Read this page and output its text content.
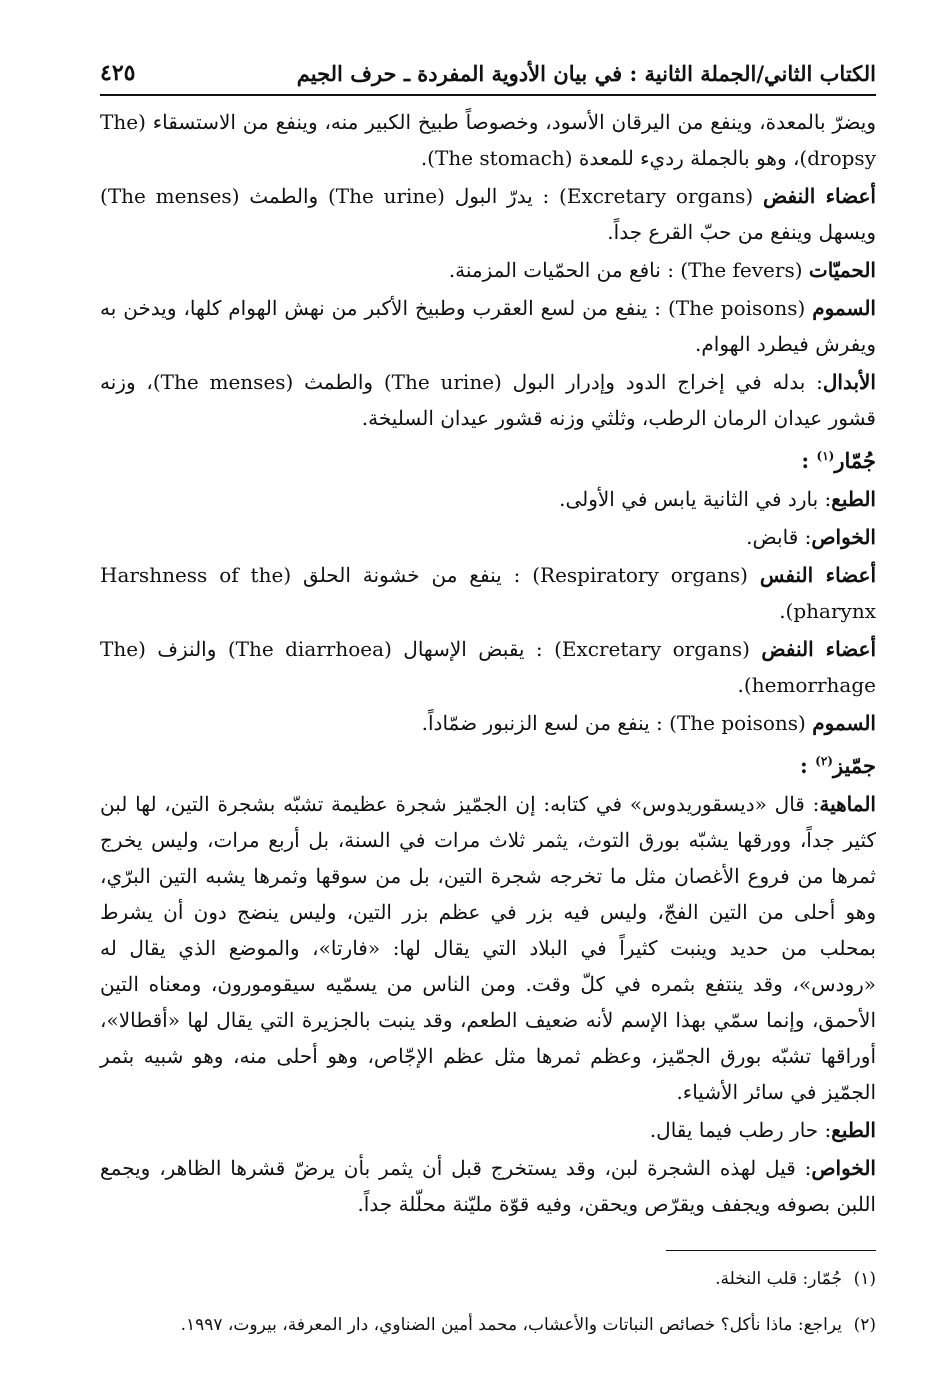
الكتاب الثاني/الجملة الثانية : في بيان الأدوية المفردة ـ حرف الجيم
٤٢٥

ويضرّ بالمعدة، وينفع من اليرقان الأسود، وخصوصاً طبيخ الكبير منه، وينفع من الاستسقاء (The dropsy)، وهو بالجملة رديء للمعدة (The stomach).

أعضاء النفض (Excretary organs) : يدرّ البول (The urine) والطمث (The menses) ويسهل وينفع من حبّ القرع جداً.

الحميّات (The fevers) : نافع من الحمّيات المزمنة.

السموم (The poisons) : ينفع من لسع العقرب وطبيخ الأكبر من نهش الهوام كلها، ويدخن به ويفرش فيطرد الهوام.

الأبدال: بدله في إخراج الدود وإدرار البول (The urine) والطمث (The menses)، وزنه قشور عيدان الرمان الرطب، وثلثي وزنه قشور عيدان السليخة.

جُمّار$^{(١)}$ :

الطبع: بارد في الثانية يابس في الأولى.

الخواص: قابض.

أعضاء النفس (Respiratory organs) : ينفع من خشونة الحلق (Harshness of the pharynx).

أعضاء النفض (Excretary organs) : يقبض الإسهال (The diarrhoea) والنزف (The hemorrhage).

السموم (The poisons) : ينفع من لسع الزنبور ضمّاداً.

جمّيز$^{(٢)}$ :

الماهية: قال «ديسقوريدوس» في كتابه: إن الجمّيز شجرة عظيمة تشبّه بشجرة التين، لها لبن كثير جداً، وورقها يشبّه بورق التوث، يثمر ثلاث مرات في السنة، بل أربع مرات، وليس يخرج ثمرها من فروع الأغصان مثل ما تخرجه شجرة التين، بل من سوقها وثمرها يشبه التين البرّي، وهو أحلى من التين الفجّ، وليس فيه بزر في عظم بزر التين، وليس ينضج دون أن يشرط بمحلب من حديد وينبت كثيراً في البلاد التي يقال لها: «فارتا»، والموضع الذي يقال له «رودس»، وقد ينتفع بثمره في كلّ وقت. ومن الناس من يسمّيه سيقومورون، ومعناه التين الأحمق، وإنما سمّي بهذا الإسم لأنه ضعيف الطعم، وقد ينبت بالجزيرة التي يقال لها «أقطالا»، أوراقها تشبّه بورق الجمّيز، وعظم ثمرها مثل عظم الإجّاص، وهو أحلى منه، وهو شبيه بثمر الجمّيز في سائر الأشياء.

الطبع: حار رطب فيما يقال.

الخواص: قيل لهذه الشجرة لبن، وقد يستخرج قبل أن يثمر بأن يرضّ قشرها الظاهر، ويجمع اللبن بصوفه ويجفف ويقرّص ويحقن، وفيه قوّة مليّنة محلّلة جداً.

(١)جُمّار: قلب النخلة.
(٢)يراجع: ماذا نأكل؟ خصائص النباتات والأعشاب، محمد أمين الضناوي، دار المعرفة، بيروت، ١٩٩٧.
